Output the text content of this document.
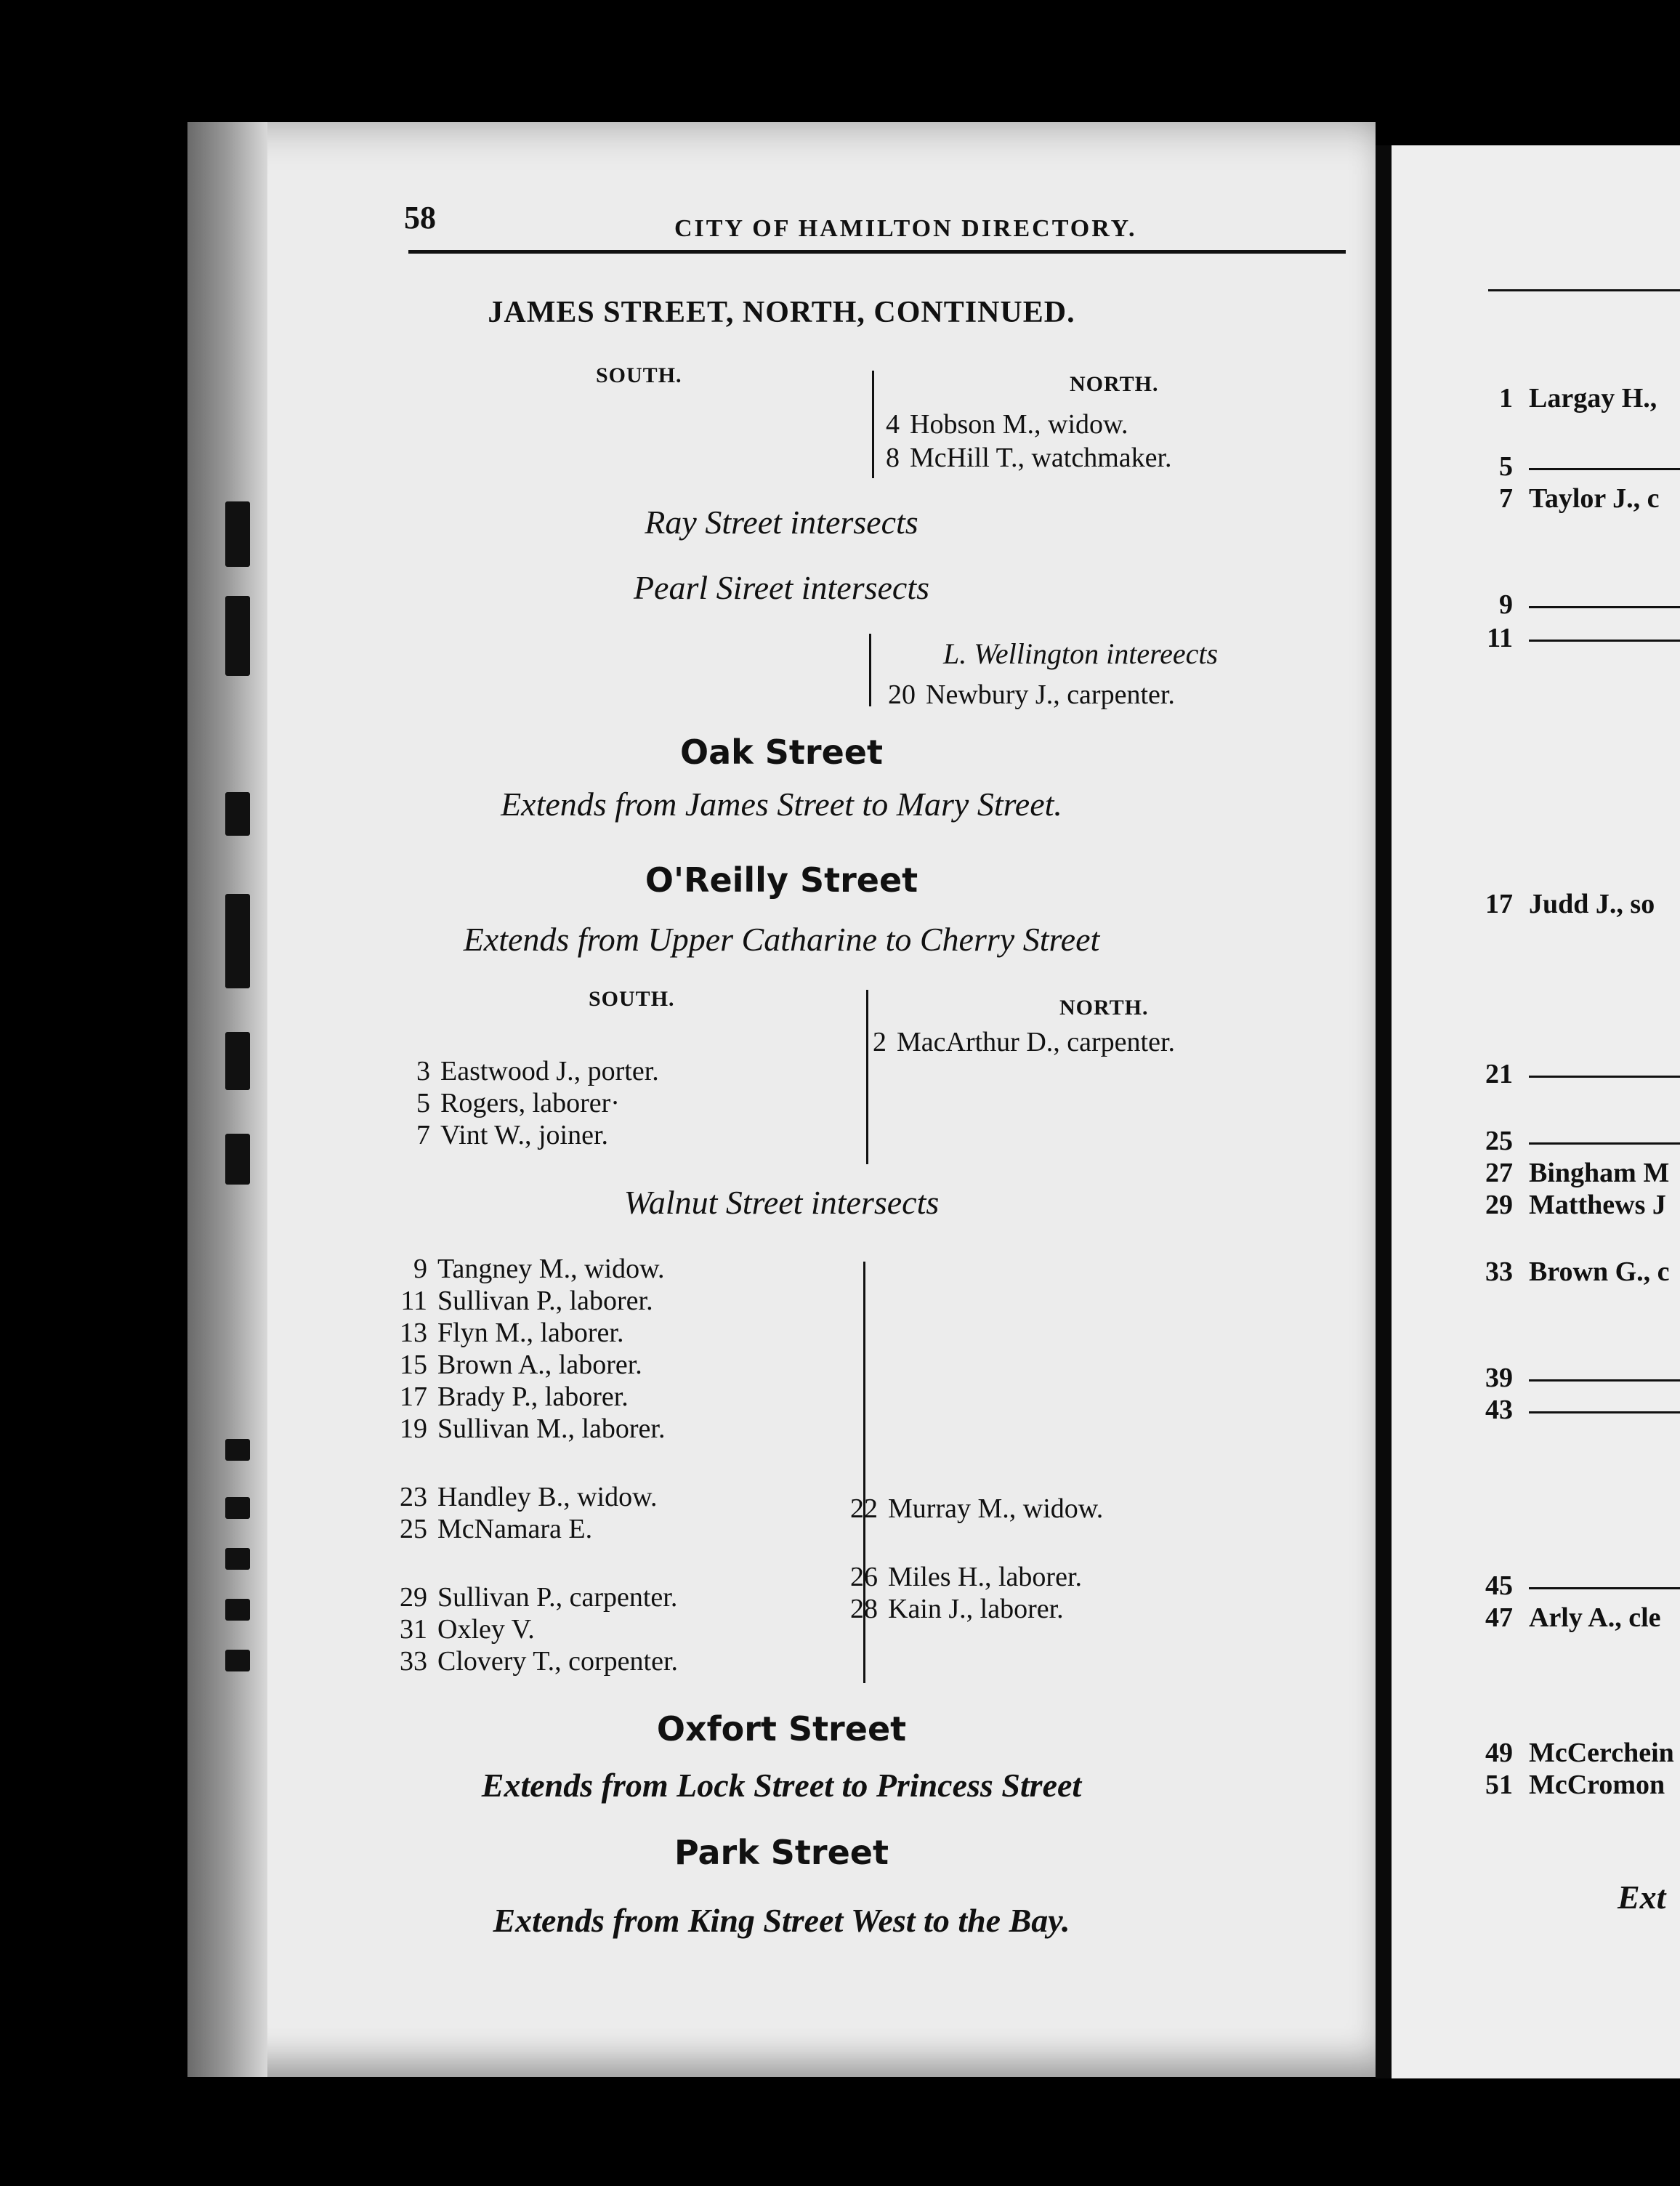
58	CITY OF HAMILTON DIRECTORY.
JAMES STREET, NORTH, CONTINUED.
SOUTH.	NORTH.
4 Hobson M., widow.
8 McHill T., watchmaker.
Ray Street intersects
Pearl Sireet intersects
L. Wellington intereects
20 Newbury J., carpenter.
Oak Street
Extends from James Street to Mary Street.
O'Reilly Street
Extends from Upper Catharine to Cherry Street
SOUTH.	NORTH.
2 MacArthur D., carpenter.
3 Eastwood J., porter.
5 Rogers, laborer·
7 Vint W., joiner.
Walnut Street intersects
9 Tangney M., widow.
11 Sullivan P., laborer.
13 Flyn M., laborer.
15 Brown A., laborer.
17 Brady P., laborer.
19 Sullivan M., laborer.
23 Handley B., widow.
25 McNamara E.
22 Murray M., widow.
29 Sullivan P., carpenter.
31 Oxley V.
33 Clovery T., corpenter.
26 Miles H., laborer.
28 Kain J., laborer.
Oxfort Street
Extends from Lock Street to Princess Street
Park Street
Extends from King Street West to the Bay.
1 Largay H.,
5
7 Taylor J., c
9
11
17 Judd J., so
21
25
27 Bingham M
29 Matthews J
33 Brown G., c
39
43
45
47 Arly A., cle
49 McCerchein
51 McCromon
Ext
